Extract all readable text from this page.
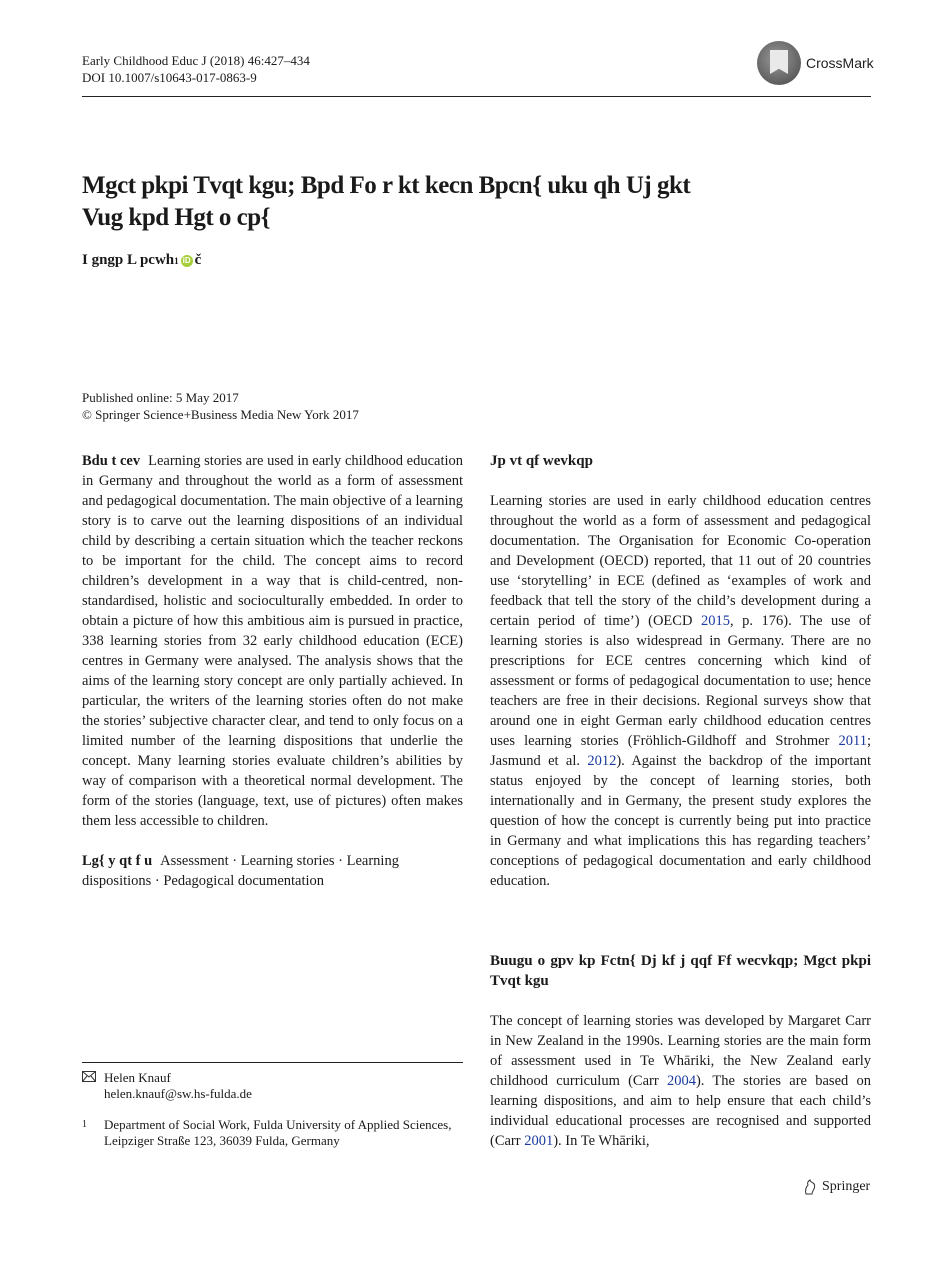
Early Childhood Educ J (2018) 46:427–434
DOI 10.1007/s10643-017-0863-9
CrossMark
Mgct pkpi Tvqt kgu; Bpd Fo r kt kecn Bpcn{ uku qh Uj gkt Vug kpd Hgt o cp{
I gngp L pcwh 1 iD č
Published online: 5 May 2017
© Springer Science+Business Media New York 2017

Bdu t cev Learning stories are used in early childhood education in Germany and throughout the world as a form of assessment and pedagogical documentation. The main objective of a learning story is to carve out the learning dispositions of an individual child by describing a certain situation which the teacher reckons to be important for the child. The concept aims to record children’s development in a way that is child-centred, non-standardised, holistic and socioculturally embedded. In order to obtain a picture of how this ambitious aim is pursued in practice, 338 learning stories from 32 early childhood education (ECE) centres in Germany were analysed. The analysis shows that the aims of the learning story concept are only partially achieved. In particular, the writers of the learning stories often do not make the stories’ subjective character clear, and tend to only focus on a limited number of the learning dispositions that underlie the concept. Many learning stories evaluate children’s abilities by way of comparison with a theoretical normal development. The form of the stories (language, text, use of pictures) often makes them less accessible to children.

Lg{ y qt f u Assessment · Learning stories · Learning dispositions · Pedagogical documentation

Helen Knauf
helen.knauf@sw.hs-fulda.de
1	Department of Social Work, Fulda University of Applied Sciences, Leipziger Straße 123, 36039 Fulda, Germany
Jp vt qf wevkqp

Learning stories are used in early childhood education centres throughout the world as a form of assessment and pedagogical documentation. The Organisation for Economic Co-operation and Development (OECD) reported, that 11 out of 20 countries use ‘storytelling’ in ECE (defined as ‘examples of work and feedback that tell the story of the child’s development during a certain period of time’) (OECD 2015, p. 176). The use of learning stories is also widespread in Germany. There are no prescriptions for ECE centres concerning which kind of assessment or forms of pedagogical documentation to use; hence teachers are free in their decisions. Regional surveys show that around one in eight German early childhood education centres uses learning stories (Fröhlich-Gildhoff and Strohmer 2011; Jasmund et al. 2012). Against the backdrop of the important status enjoyed by the concept of learning stories, both internationally and in Germany, the present study explores the question of how the concept is currently being put into practice in Germany and what implications this has regarding teachers’ conceptions of pedagogical documentation and early childhood education.

Buugu o gpv kp Fctn{ Dj kf j qqf Ff wecvkqp; Mgct pkpi Tvqt kgu

The concept of learning stories was developed by Margaret Carr in New Zealand in the 1990s. Learning stories are the main form of assessment used in Te Whāriki, the New Zealand early childhood curriculum (Carr 2004). The stories are based on learning dispositions, and aim to help ensure that each child’s individual educational processes are recognised and supported (Carr 2001). In Te Whāriki,

Springer
